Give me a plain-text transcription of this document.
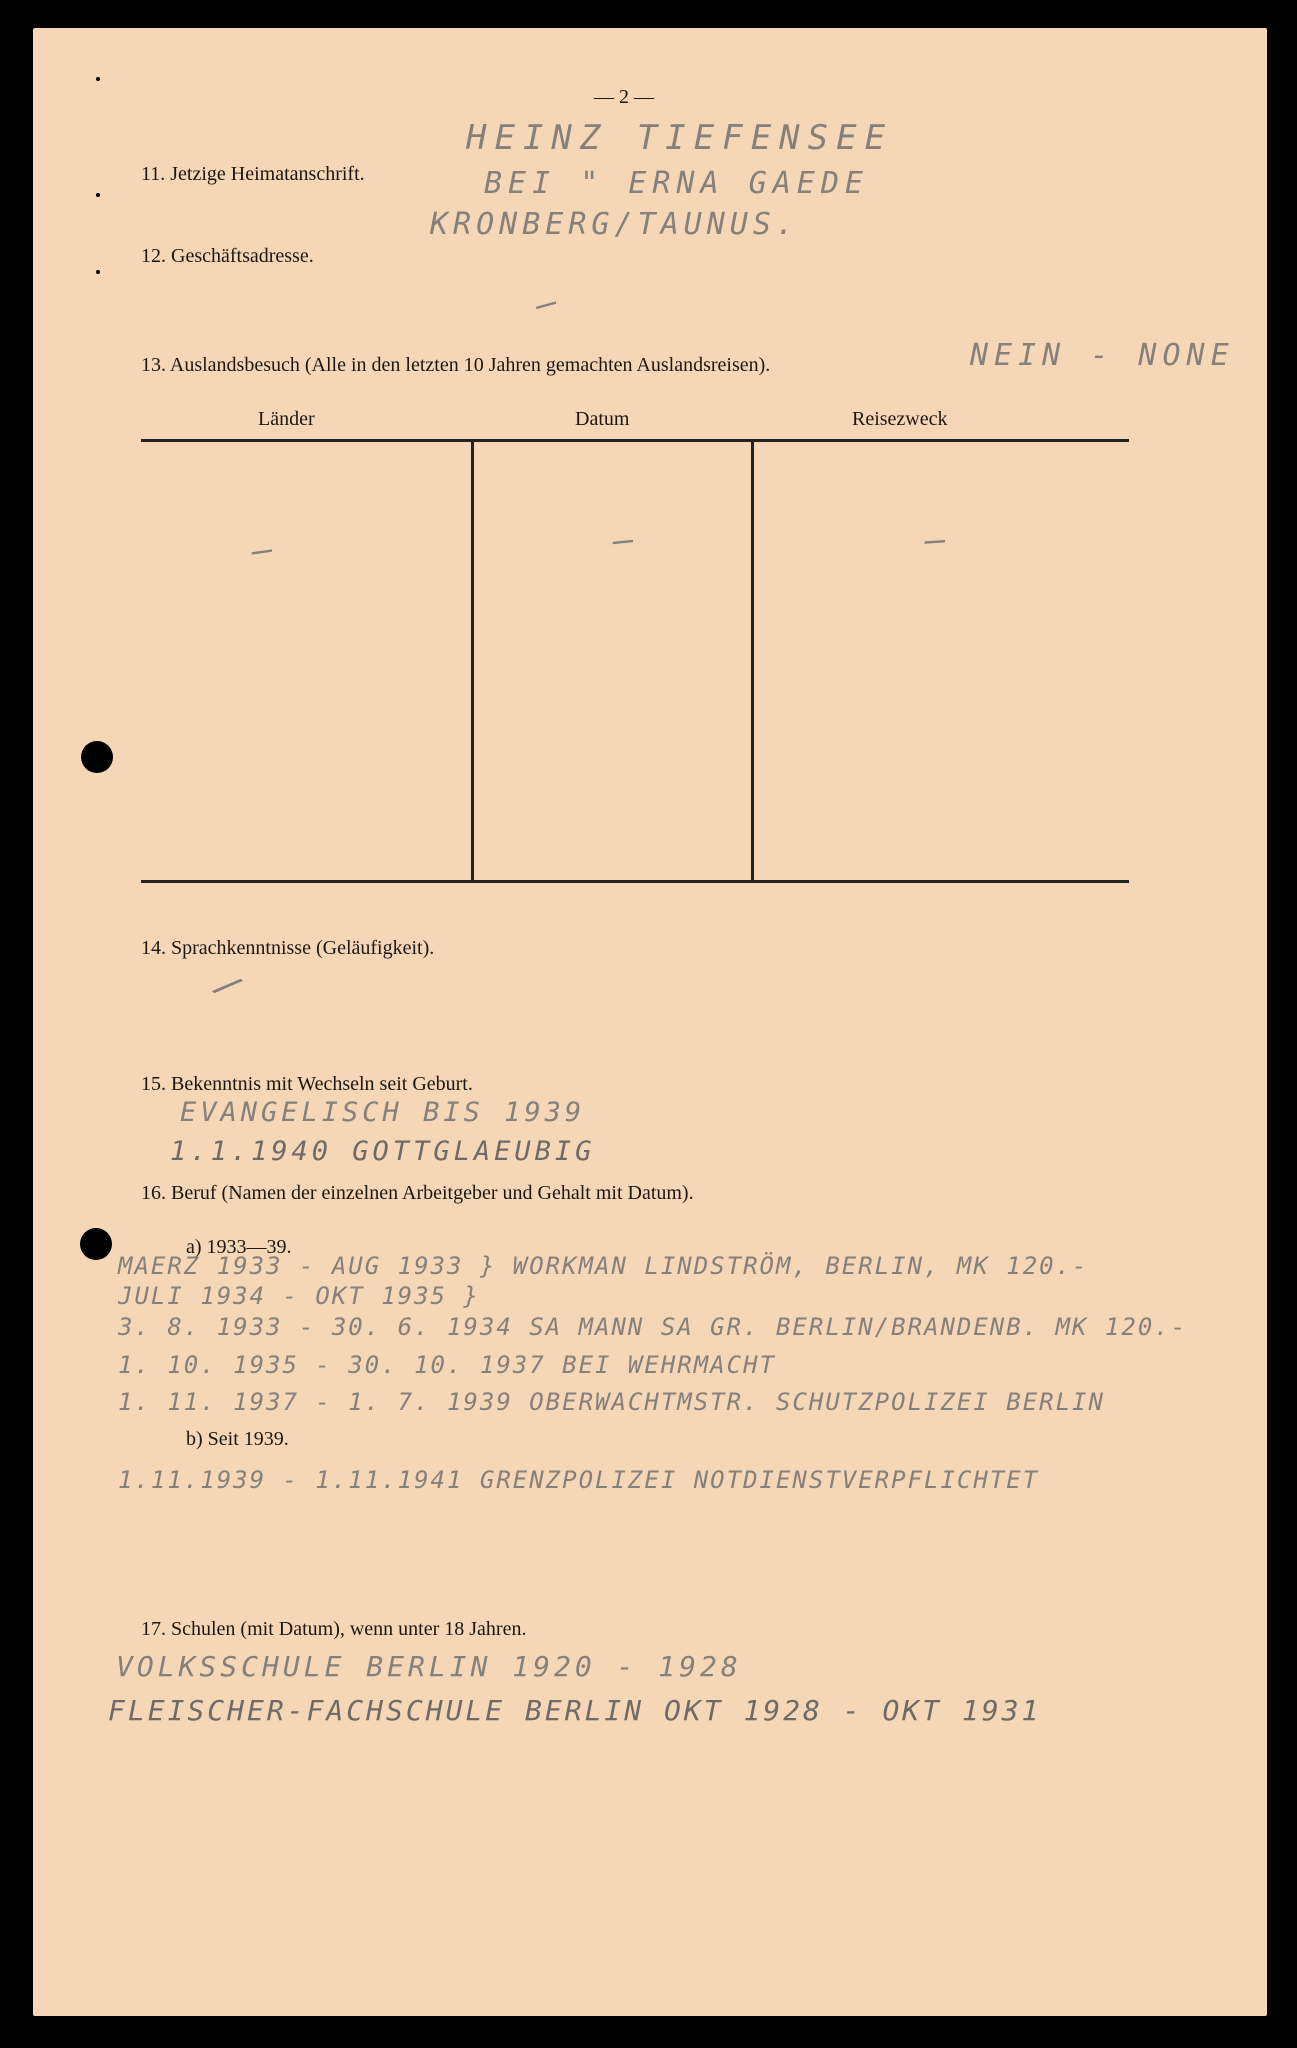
— 2 —
11. Jetzige Heimatanschrift.
HEINZ TIEFENSEE
BEI " ERNA GAEDE
KRONBERG/TAUNUS.
12. Geschäftsadresse.
—
13. Auslandsbesuch (Alle in den letzten 10 Jahren gemachten Auslandsreisen).	NEIN - NONE
Länder	Datum	Reisezweck
—	—	—
14. Sprachkenntnisse (Geläufigkeit).
/
15. Bekenntnis mit Wechseln seit Geburt.
EVANGELISCH BIS 1939
1.1.1940 GOTTGLAEUBIG
16. Beruf (Namen der einzelnen Arbeitgeber und Gehalt mit Datum).
a) 1933—39.
MAERZ 1933 - AUG 1933 } WORKMAN LINDSTRÖM, BERLIN, MK 120.-
JULI 1934 - OKT 1935 }
3. 8. 1933 - 30. 6. 1934 SA MANN SA GR. BERLIN/BRANDENB. MK 120.-
1. 10. 1935 - 30. 10. 1937 BEI WEHRMACHT
1. 11. 1937 - 1. 7. 1939 OBERWACHTMSTR. SCHUTZPOLIZEI BERLIN
b) Seit 1939.
1.11.1939 - 1.11.1941 GRENZPOLIZEI NOTDIENSTVERPFLICHTET
17. Schulen (mit Datum), wenn unter 18 Jahren.
VOLKSSCHULE BERLIN 1920 - 1928
FLEISCHER-FACHSCHULE BERLIN OKT 1928 - OKT 1931
